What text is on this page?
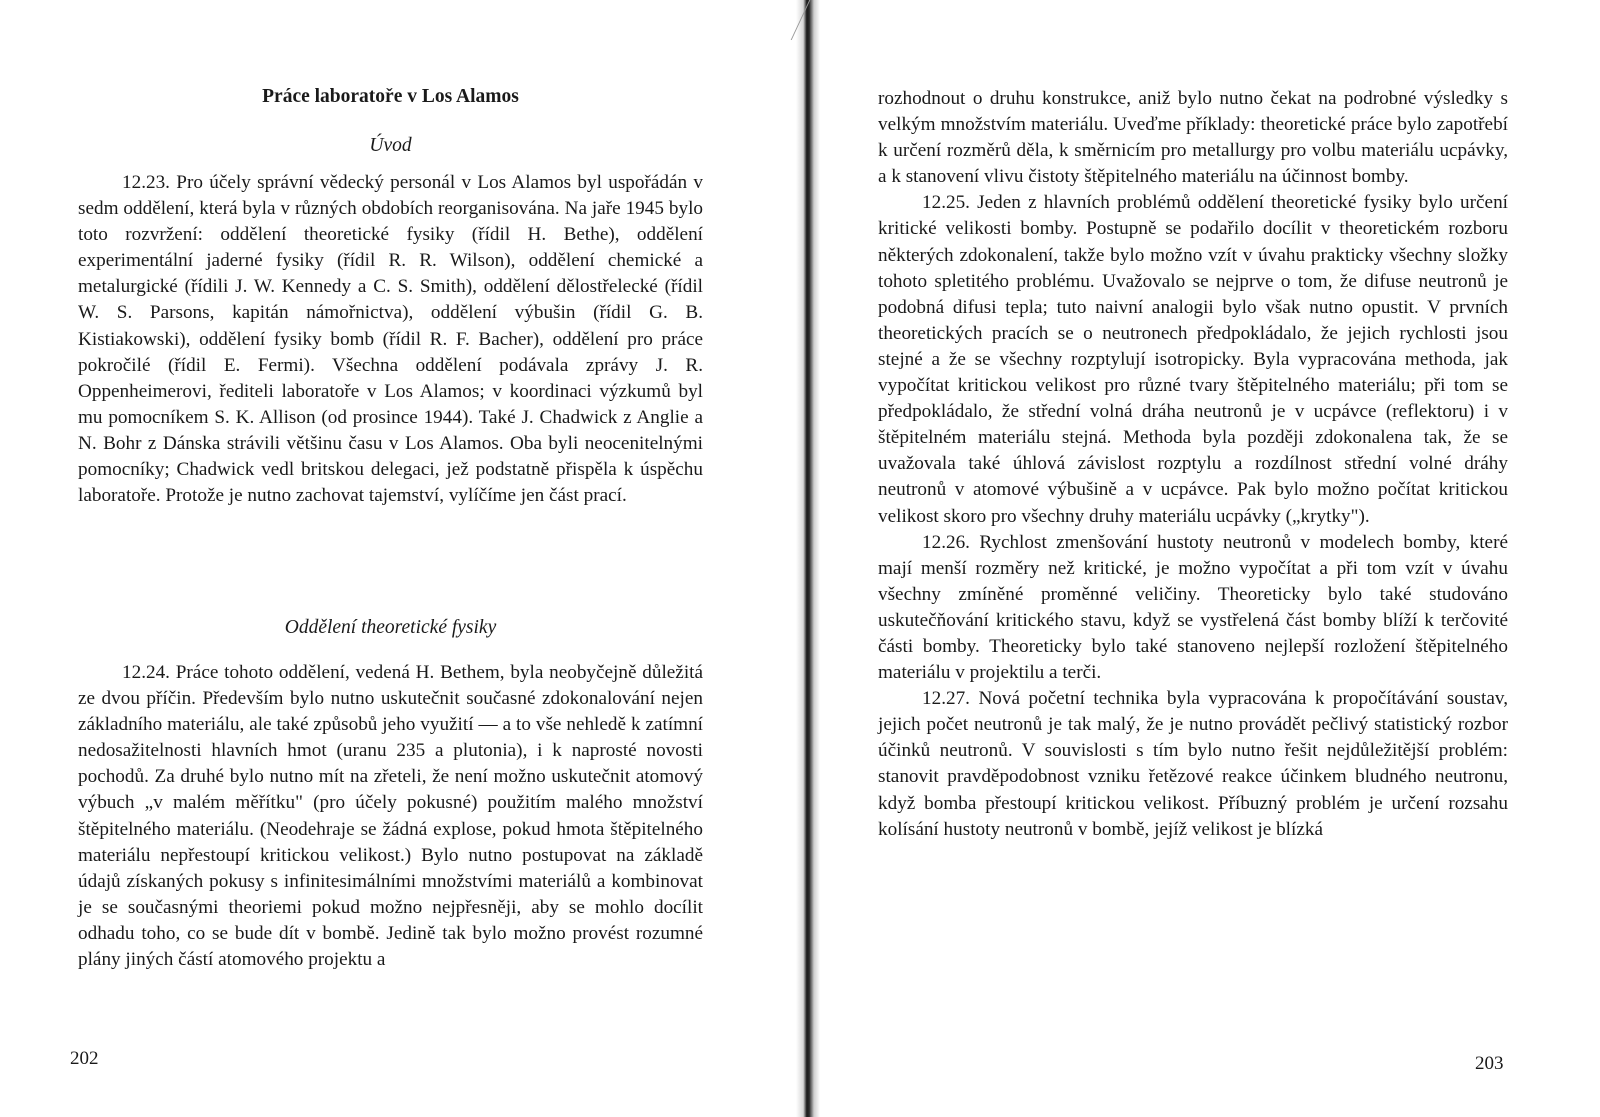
Práce laboratoře v Los Alamos
Úvod

12.23. Pro účely správní vědecký personál v Los Alamos byl uspořádán v sedm oddělení, která byla v různých obdobích reorganisována. Na jaře 1945 bylo toto rozvržení: oddělení theoretické fysiky (řídil H. Bethe), oddělení experimentální jaderné fysiky (řídil R. R. Wilson), oddělení chemické a metalurgické (řídili J. W. Kennedy a C. S. Smith), oddělení dělostřelecké (řídil W. S. Parsons, kapitán námořnictva), oddělení výbušin (řídil G. B. Kistiakowski), oddělení fysiky bomb (řídil R. F. Bacher), oddělení pro práce pokročilé (řídil E. Fermi). Všechna oddělení podávala zprávy J. R. Oppenheimerovi, řediteli laboratoře v Los Alamos; v koordinaci výzkumů byl mu pomocníkem S. K. Allison (od prosince 1944). Také J. Chadwick z Anglie a N. Bohr z Dánska strávili většinu času v Los Alamos. Oba byli neocenitelnými pomocníky; Chadwick vedl britskou delegaci, jež podstatně přispěla k úspěchu laboratoře. Protože je nutno zachovat tajemství, vylíčíme jen část prací.

Oddělení theoretické fysiky

12.24. Práce tohoto oddělení, vedená H. Bethem, byla neobyčejně důležitá ze dvou příčin. Především bylo nutno uskutečnit současné zdokonalování nejen základního materiálu, ale také způsobů jeho využití — a to vše nehledě k zatímní nedosažitelnosti hlavních hmot (uranu 235 a plutonia), i k naprosté novosti pochodů. Za druhé bylo nutno mít na zřeteli, že není možno uskutečnit atomový výbuch „v malém měřítku" (pro účely pokusné) použitím malého množství štěpitelného materiálu. (Neodehraje se žádná explose, pokud hmota štěpitelného materiálu nepřestoupí kritickou velikost.) Bylo nutno postupovat na základě údajů získaných pokusy s infinitesimálními množstvími materiálů a kombinovat je se současnými theoriemi pokud možno nejpřesněji, aby se mohlo docílit odhadu toho, co se bude dít v bombě. Jedině tak bylo možno provést rozumné plány jiných částí atomového projektu a

202

rozhodnout o druhu konstrukce, aniž bylo nutno čekat na podrobné výsledky s velkým množstvím materiálu. Uveďme příklady: theoretické práce bylo zapotřebí k určení rozměrů děla, k směrnicím pro metallurgy pro volbu materiálu ucpávky, a k stanovení vlivu čistoty štěpitelného materiálu na účinnost bomby.

12.25. Jeden z hlavních problémů oddělení theoretické fysiky bylo určení kritické velikosti bomby. Postupně se podařilo docílit v theoretickém rozboru některých zdokonalení, takže bylo možno vzít v úvahu prakticky všechny složky tohoto spletitého problému. Uvažovalo se nejprve o tom, že difuse neutronů je podobná difusi tepla; tuto naivní analogii bylo však nutno opustit. V prvních theoretických pracích se o neutronech předpokládalo, že jejich rychlosti jsou stejné a že se všechny rozptylují isotropicky. Byla vypracována methoda, jak vypočítat kritickou velikost pro různé tvary štěpitelného materiálu; při tom se předpokládalo, že střední volná dráha neutronů je v ucpávce (reflektoru) i v štěpitelném materiálu stejná. Methoda byla později zdokonalena tak, že se uvažovala také úhlová závislost rozptylu a rozdílnost střední volné dráhy neutronů v atomové výbušině a v ucpávce. Pak bylo možno počítat kritickou velikost skoro pro všechny druhy materiálu ucpávky („krytky").

12.26. Rychlost zmenšování hustoty neutronů v modelech bomby, které mají menší rozměry než kritické, je možno vypočítat a při tom vzít v úvahu všechny zmíněné proměnné veličiny. Theoreticky bylo také studováno uskutečňování kritického stavu, když se vystřelená část bomby blíží k terčovité části bomby. Theoreticky bylo také stanoveno nejlepší rozložení štěpitelného materiálu v projektilu a terči.

12.27. Nová početní technika byla vypracována k propočítávání soustav, jejich počet neutronů je tak malý, že je nutno provádět pečlivý statistický rozbor účinků neutronů. V souvislosti s tím bylo nutno řešit nejdůležitější problém: stanovit pravděpodobnost vzniku řetězové reakce účinkem bludného neutronu, když bomba přestoupí kritickou velikost. Příbuzný problém je určení rozsahu kolísání hustoty neutronů v bombě, jejíž velikost je blízká

203
